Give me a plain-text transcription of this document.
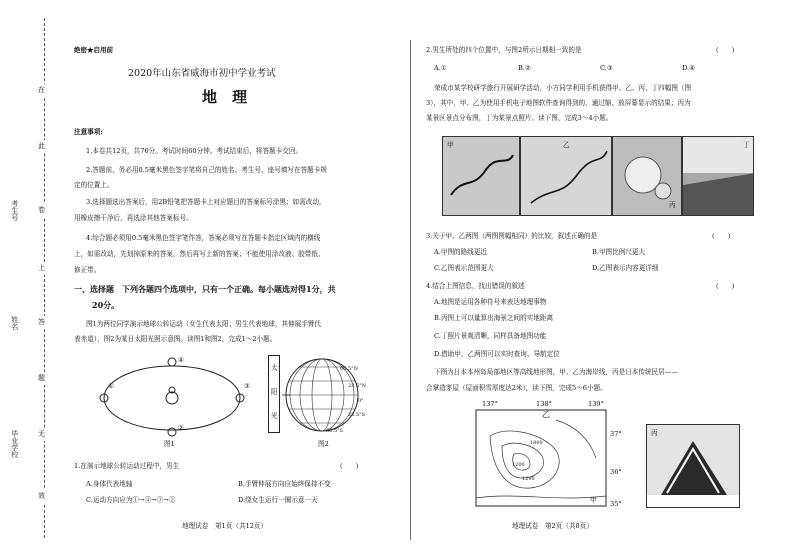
考生号
姓名
毕业学校
在
此
卷
上
答
题
无
效
绝密★启用前
2020年山东省威海市初中学业考试
地　理
注意事项:
1.本卷共12页，共70分。考试时间60分钟。考试结束后，将答题卡交回。
2.答题前，务必用0.5毫米黑色签字笔将自己的姓名、考生号、座号填写在答题卡规
定的位置上。
3.选择题选出答案后，用2B铅笔把答题卡上对应题目的答案标号涂黑；如需改动，
用橡皮擦干净后，再选涂其他答案标号。
4.综合题必须用0.5毫米黑色签字笔作答，答案必须写在答题卡指定区域内的横线
上，如需改动，先划掉原来的答案，然后再写上新的答案；不能使用涂改液、胶带纸、
修正带。
一、选择题　下列各题四个选项中，只有一个正确。每小题选对得1分，共
20分。
图1为两位同学演示地球公转运动（女生代表太阳；男生代表地球，其伸展手臂代
表赤道），图2为某日太阳光照示意图。读图1和图2，完成1～2小题。
④
①	③
②
图1
太
阳
光
66.5°N
23.5°N
0°
23.5°S
66.5°S
图2
1.在演示地球公转运动过程中，男生	(　　)
A.身体代表地轴	B.手臂伸展方向应始终保持不变
C.运动方向应为①→④→③→②	D.绕女生运行一圈示意一天
地理试卷　第1页（共12页）
2.男生所处的四个位置中，与图2所示日期相一致的是	(　　)
A.①	B.②	C.③	D.④
荣成市某学校研学旅行开展研学活动，小方同学利用手机获得甲、乙、丙、丁四幅图（图
3），其中，甲、乙为使用手机电子地图软件查询得到的，通过缩、放屏幕显示的结果；丙为
某景区景点分布图，丁为某景点照片。读下图，完成3～4小题。
甲	乙
丙
丁
3.关于甲、乙两图（两图图幅相同）的比较，叙述正确的是	(　　)
A.甲图的路线更近	B.甲图比例尺更大
C.乙图表示范围更大	D.乙图表示内容更详细
4.结合上图信息，找出错误的叙述	(　　)
A.地图是运用各种符号来表达地理事物
B.丙图上可以量算出海景之间的实地距离
C.丁照片景观清晰，同样具备地图功能
D.借助甲、乙两图可以实时查询、导航定位
下图为日本本州岛局部地区等高线地形图，甲、乙为海岸线，丙是日本传统民居——
合掌造茅屋（屋面积雪厚度达2米），读下图，完成5～6小题。
137°	138°	139°
37°
36°
35°
乙
甲
1800
1200
1290
丙
地理试卷　第2页（共8页）
